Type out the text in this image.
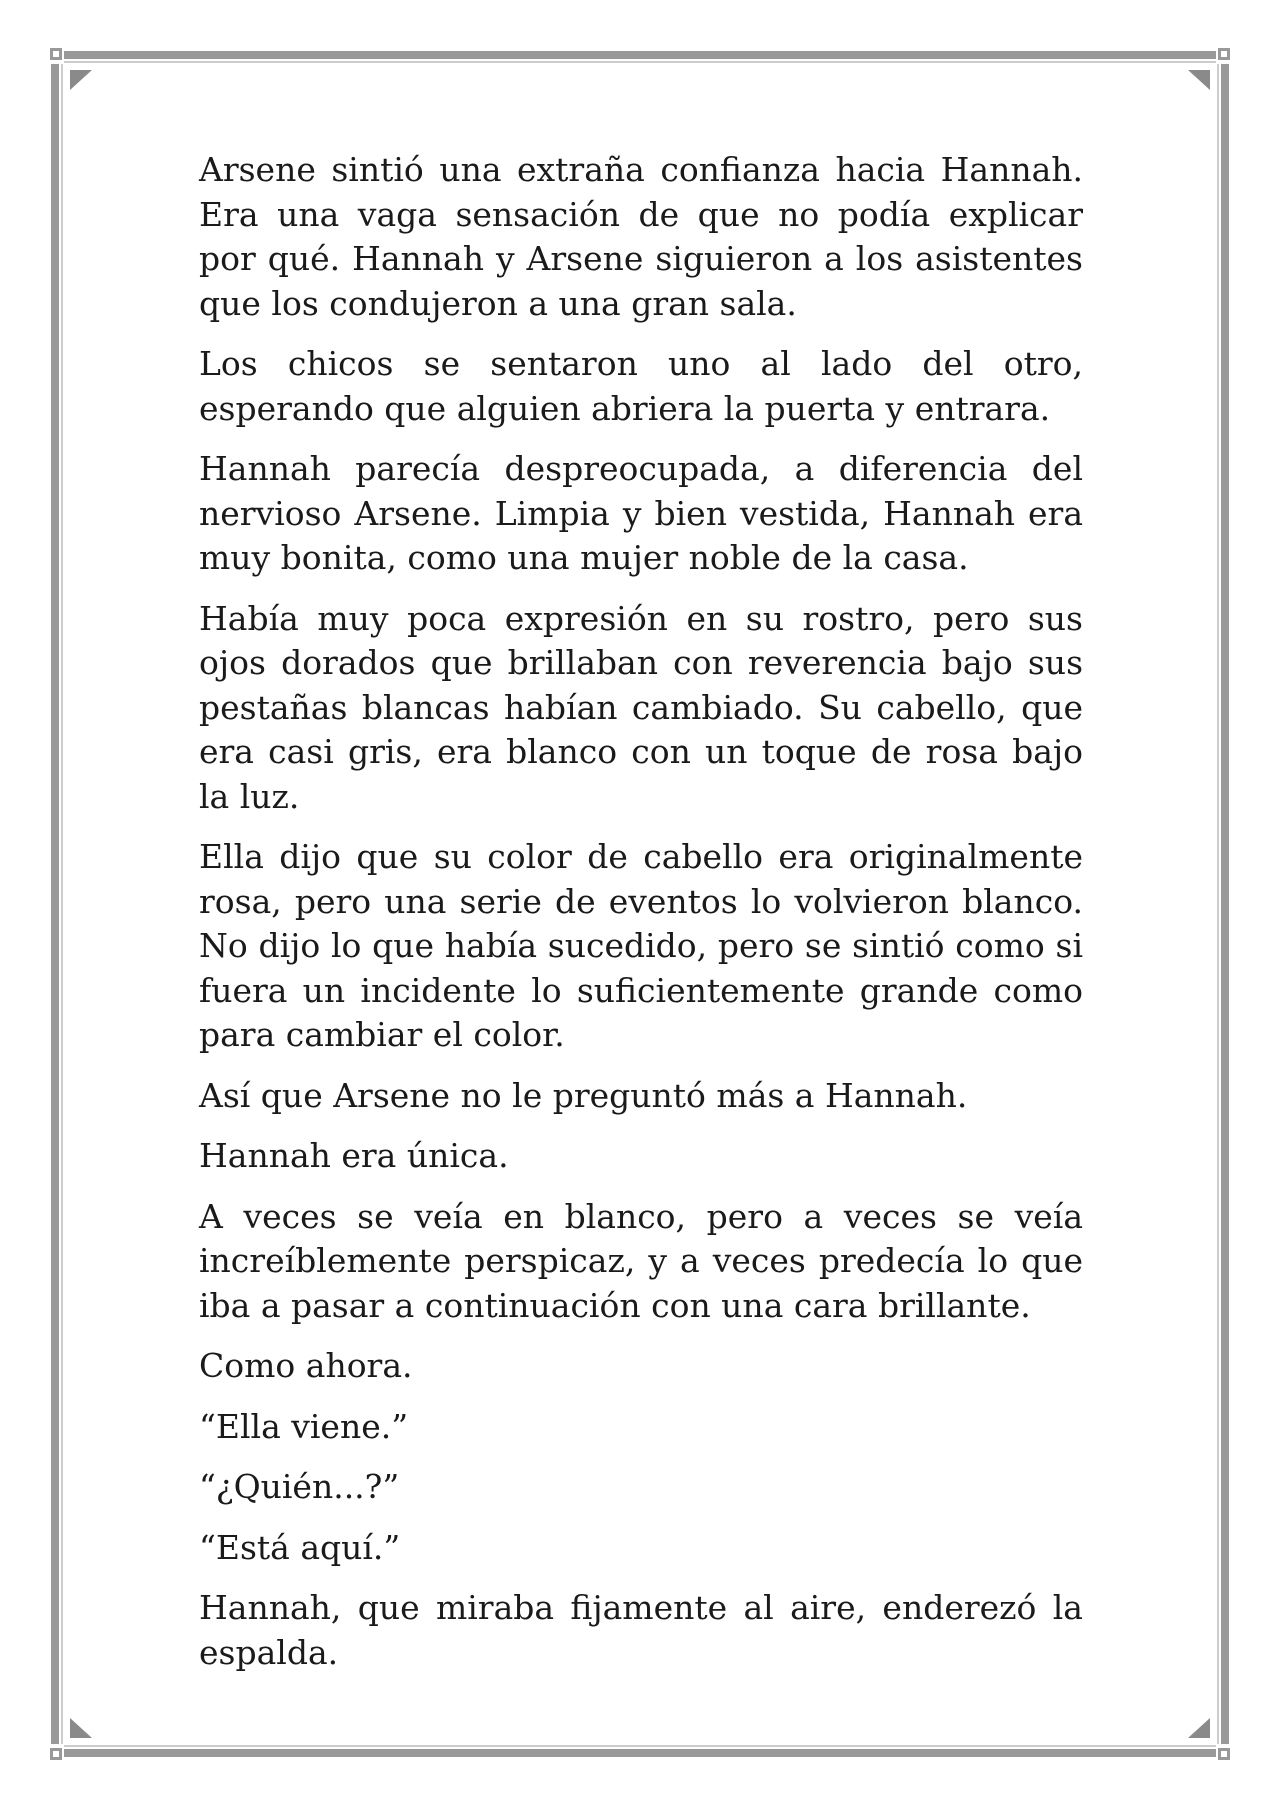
Arsene sintió una extraña confianza hacia Hannah. Era una vaga sensación de que no podía explicar por qué. Hannah y Arsene siguieron a los asistentes que los condujeron a una gran sala.

Los chicos se sentaron uno al lado del otro, esperando que alguien abriera la puerta y entrara.

Hannah parecía despreocupada, a diferencia del nervioso Arsene. Limpia y bien vestida, Hannah era muy bonita, como una mujer noble de la casa.

Había muy poca expresión en su rostro, pero sus ojos dorados que brillaban con reverencia bajo sus pestañas blancas habían cambiado. Su cabello, que era casi gris, era blanco con un toque de rosa bajo la luz.

Ella dijo que su color de cabello era originalmente rosa, pero una serie de eventos lo volvieron blanco. No dijo lo que había sucedido, pero se sintió como si fuera un incidente lo suficientemente grande como para cambiar el color.

Así que Arsene no le preguntó más a Hannah.

Hannah era única.

A veces se veía en blanco, pero a veces se veía increíblemente perspicaz, y a veces predecía lo que iba a pasar a continuación con una cara brillante.

Como ahora.

“Ella viene.”

“¿Quién...?”

“Está aquí.”

Hannah, que miraba fijamente al aire, enderezó la espalda.
